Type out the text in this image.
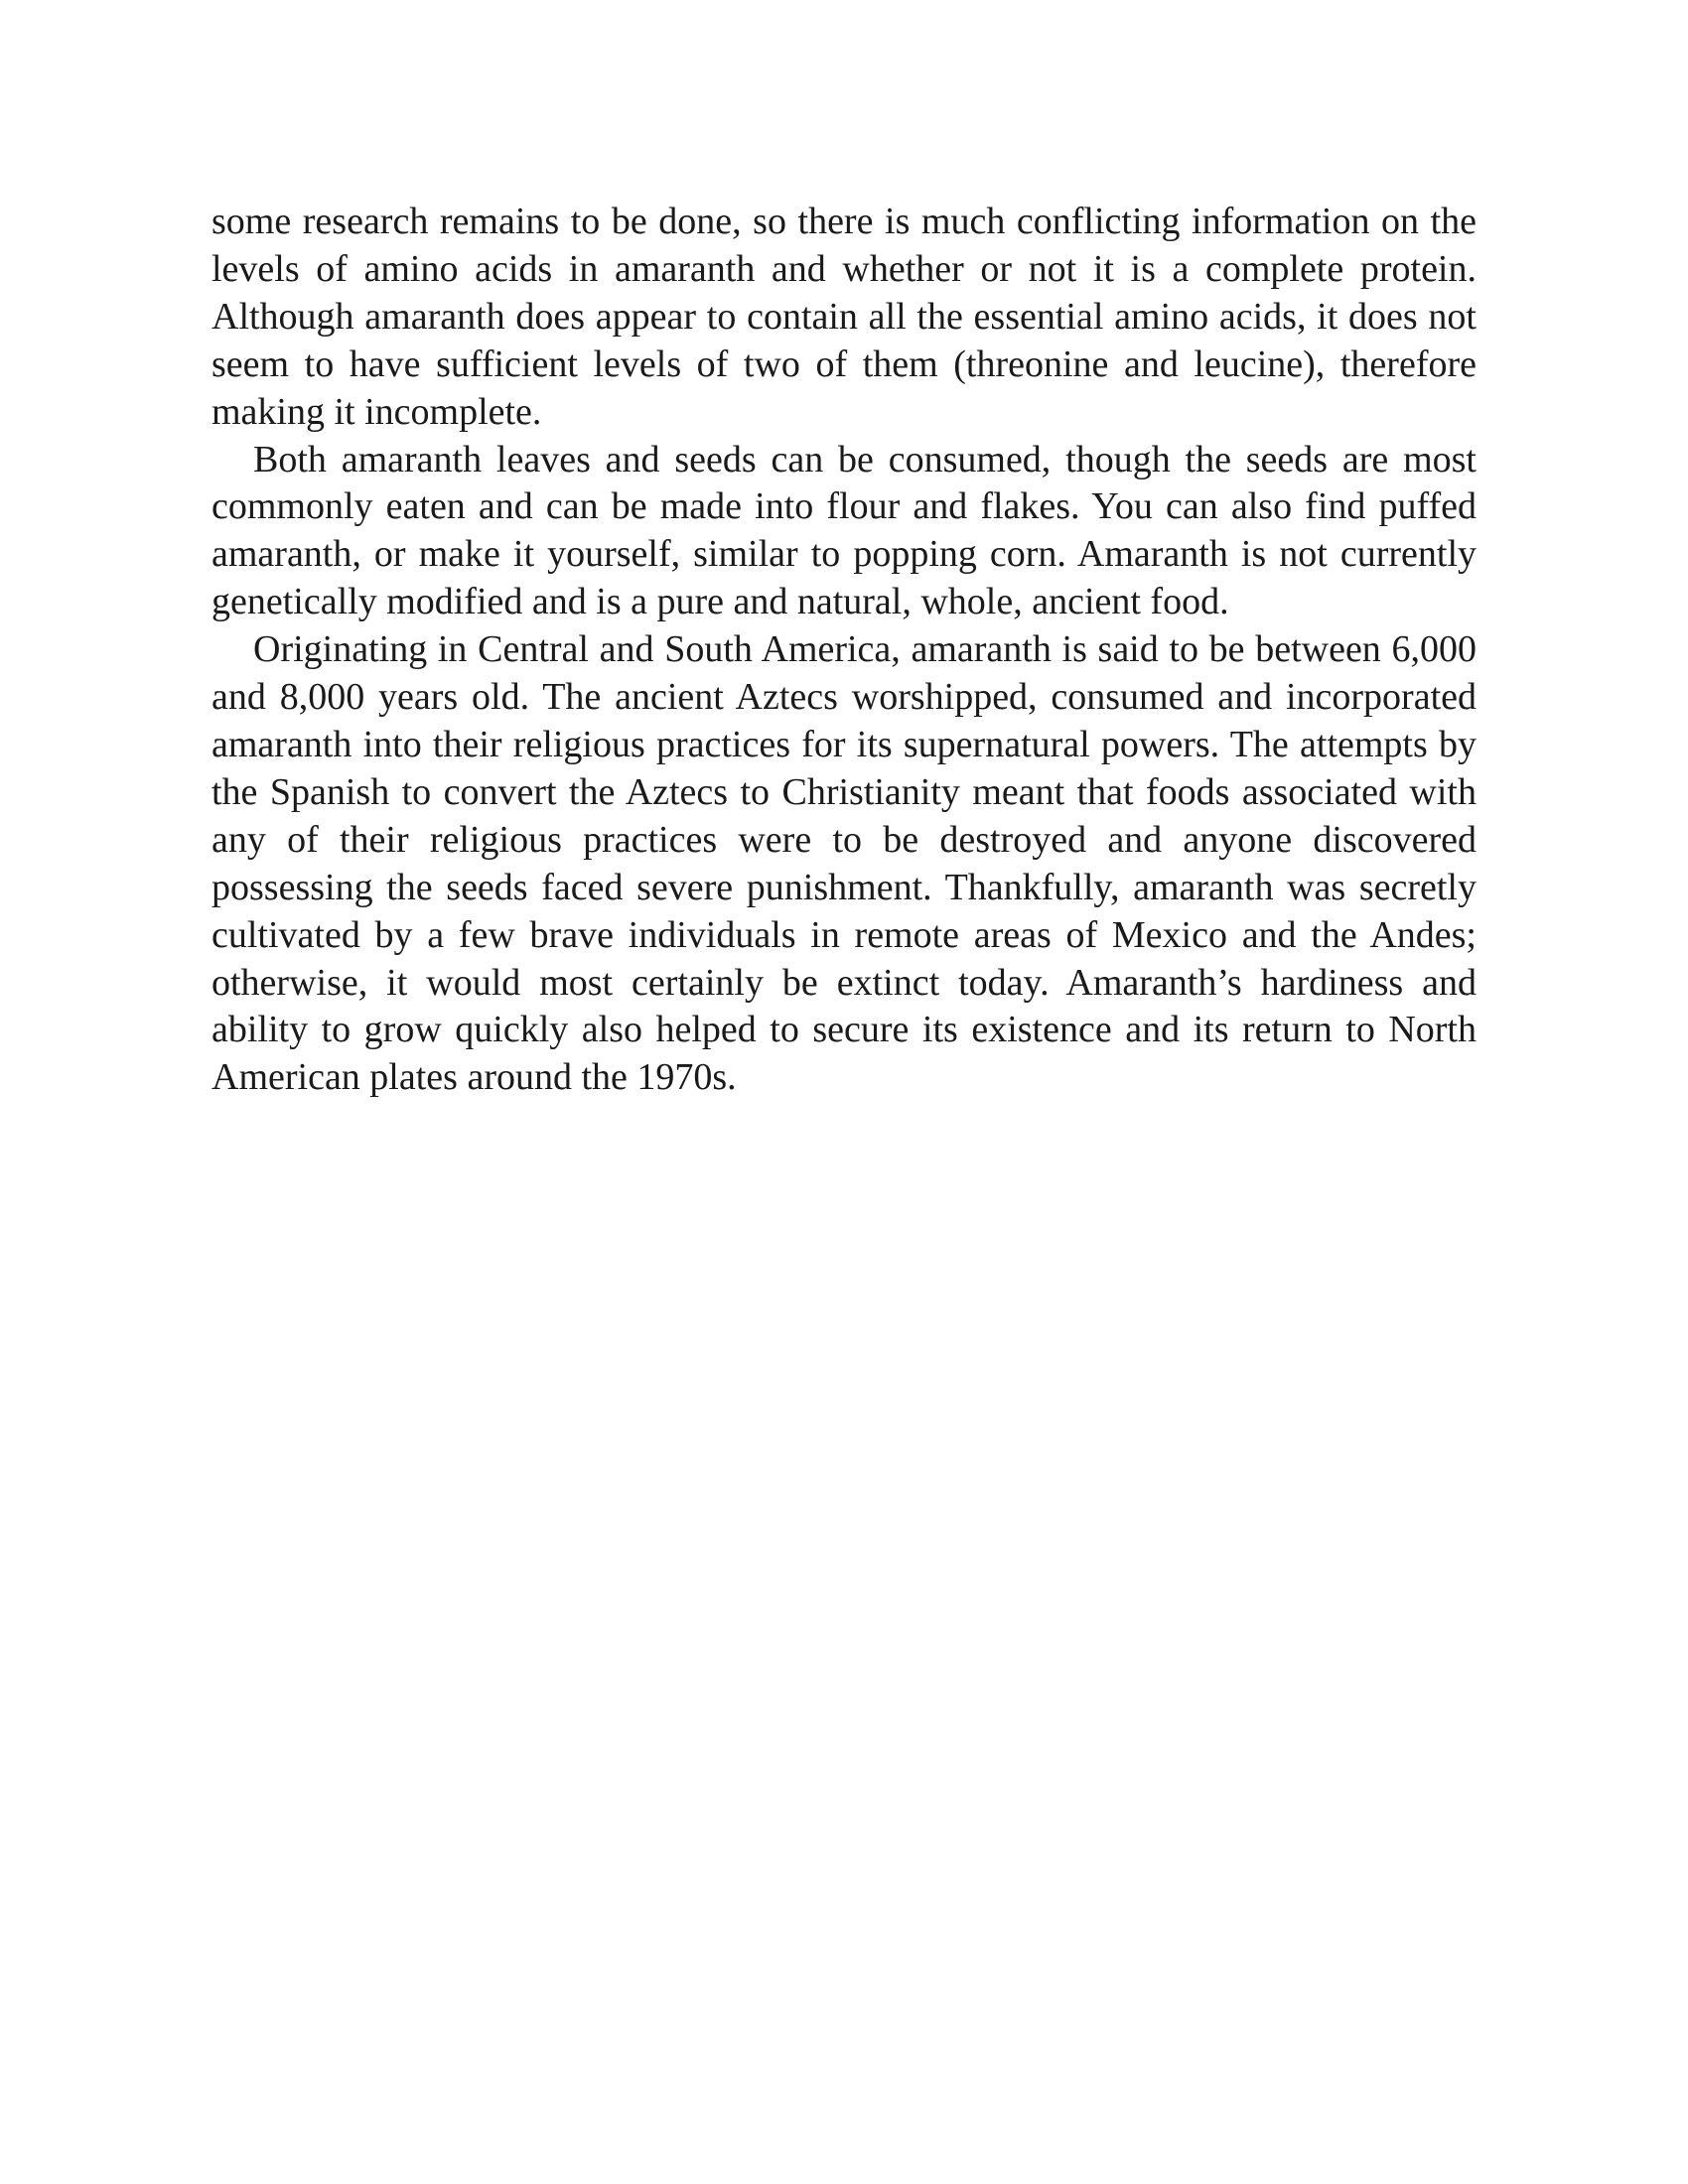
some research remains to be done, so there is much conflicting information on the levels of amino acids in amaranth and whether or not it is a complete protein. Although amaranth does appear to contain all the essential amino acids, it does not seem to have sufficient levels of two of them (threonine and leucine), therefore making it incomplete.

Both amaranth leaves and seeds can be consumed, though the seeds are most commonly eaten and can be made into flour and flakes. You can also find puffed amaranth, or make it yourself, similar to popping corn. Amaranth is not currently genetically modified and is a pure and natural, whole, ancient food.

Originating in Central and South America, amaranth is said to be between 6,000 and 8,000 years old. The ancient Aztecs worshipped, consumed and incorporated amaranth into their religious practices for its supernatural powers. The attempts by the Spanish to convert the Aztecs to Christianity meant that foods associated with any of their religious practices were to be destroyed and anyone discovered possessing the seeds faced severe punishment. Thankfully, amaranth was secretly cultivated by a few brave individuals in remote areas of Mexico and the Andes; otherwise, it would most certainly be extinct today. Amaranth’s hardiness and ability to grow quickly also helped to secure its existence and its return to North American plates around the 1970s.
